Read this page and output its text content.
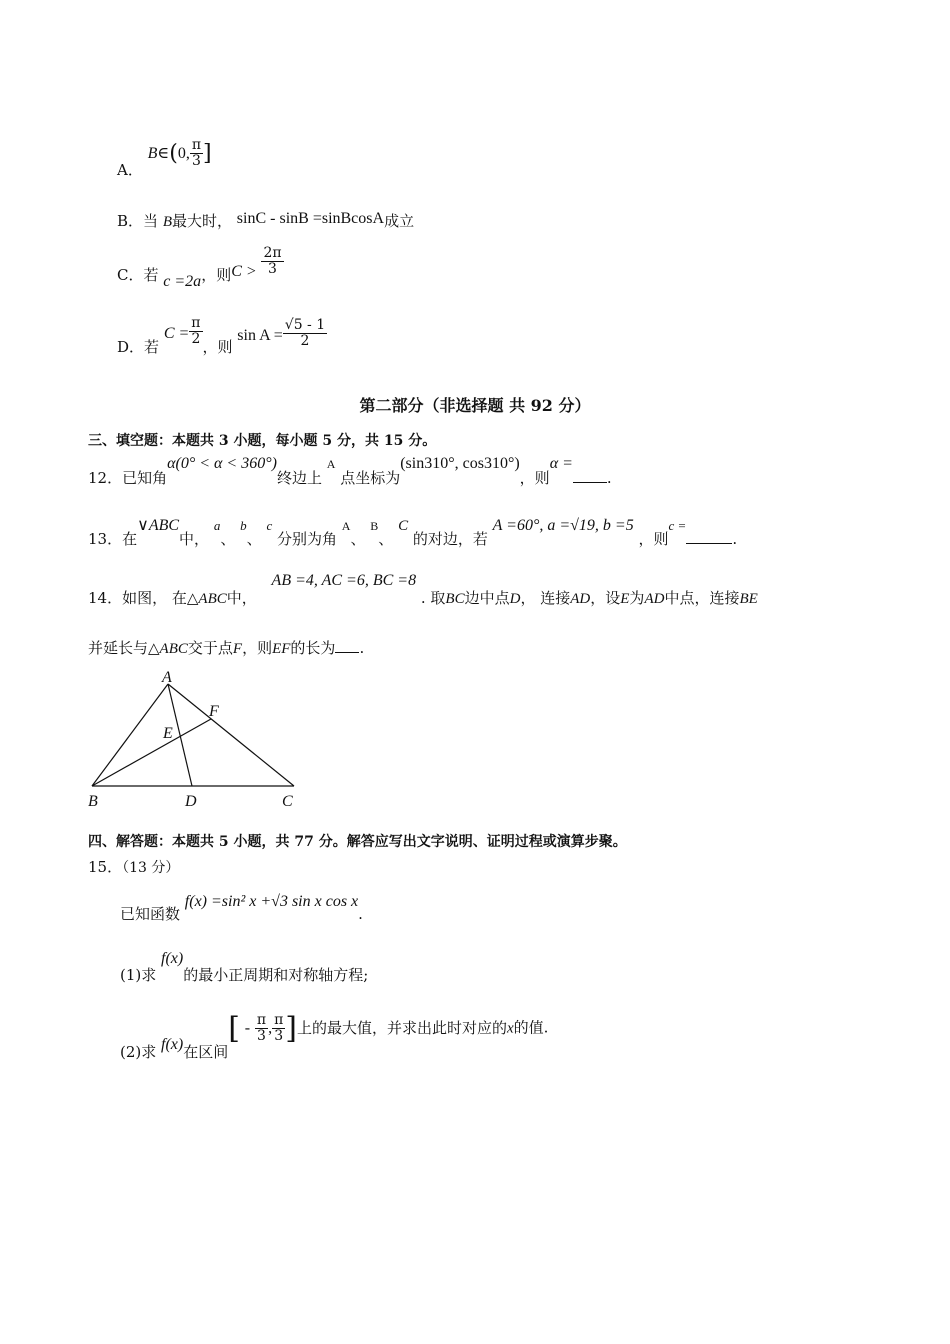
A． B∈(0, $\frac{\pi}{3}$ ]
B．当 B最大时， sinC - sinB =sinBcosA成立
C．若 c =2a，则$C > \frac{2\pi}{3}$
D．若 $C = \frac{\pi}{2}$ ，则 $\sin A = \frac{√5 - 1}{2}$
第二部分（非选择题 共 92 分）
三、填空题：本题共 3 小题，每小题 5 分，共 15 分。
12．已知角α(0° < α < 360°)终边上 A 点坐标为(sin310°, cos310°)，则α =.
13．在∨ABC中， a、 b、 c 分别为角 A、 B、 C 的对边，若 A =60°, a =√19, b =5 ，则c =.
14．如图， 在△ABC中， AB =4, AC =6, BC =8 . 取BC边中点D， 连接AD，设E为AD中点，连接BE
并延长与△ABC交于点F，则EF的长为 .
A
B	C
D
E
F
四、解答题：本题共 5 小题，共 77 分。解答应写出文字说明、证明过程或演算步聚。
15．（13 分）
已知函数 f(x) =sin² x +√3 sin x cos x.
(1)求 f(x)的最小正周期和对称轴方程;
(2)求 f(x)在区间[ - $\frac{\pi}{3}$ , $\frac{\pi}{3}$ ]上的最大值，并求出此时对应的x的值.
